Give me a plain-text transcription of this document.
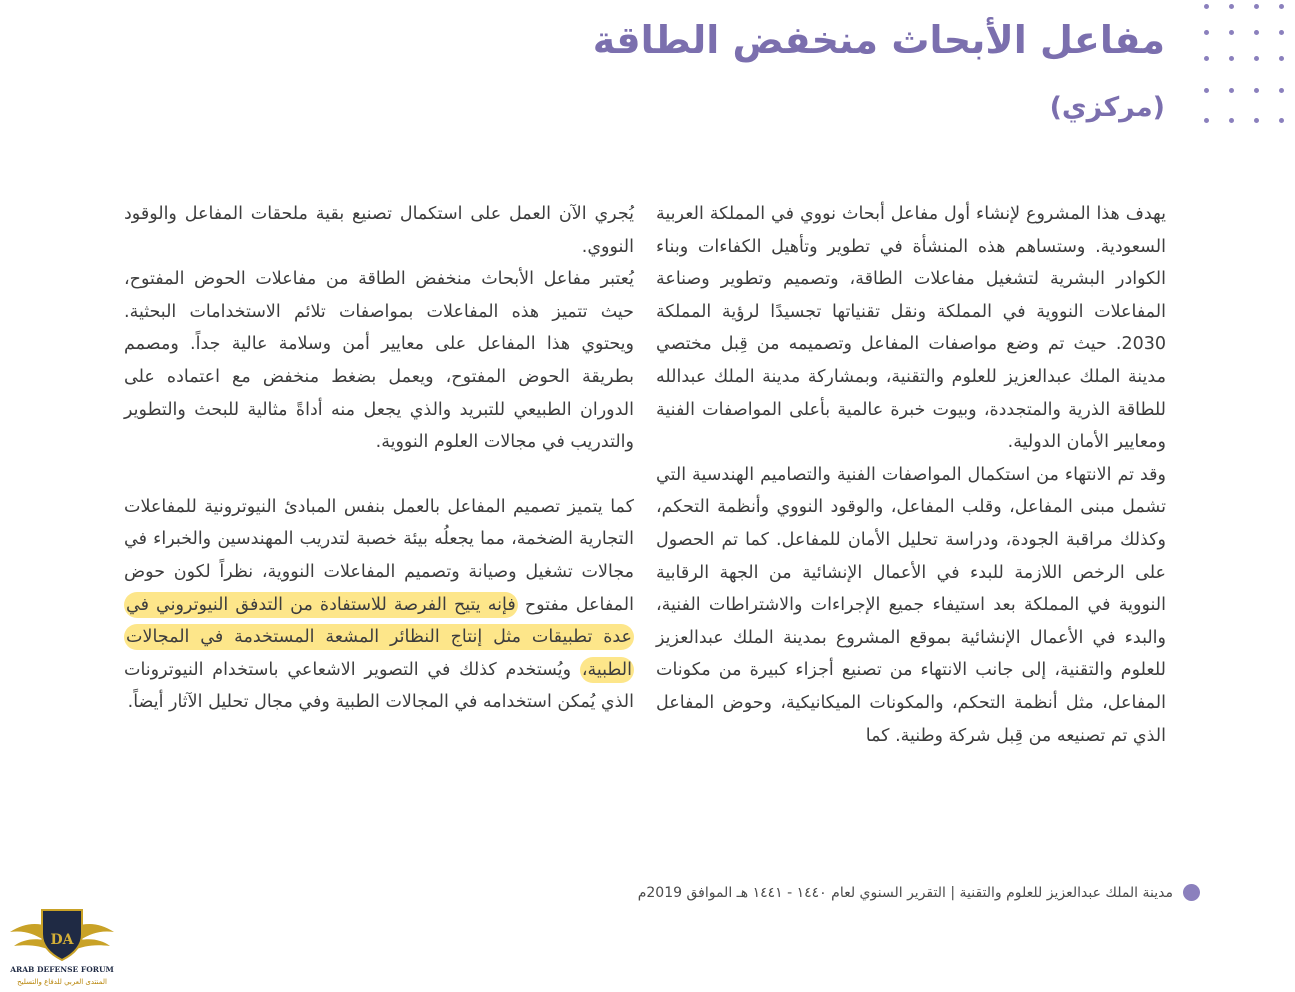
مفاعل الأبحاث منخفض الطاقة
(مركزي)

يهدف هذا المشروع لإنشاء أول مفاعل أبحاث نووي في المملكة العربية السعودية. وستساهم هذه المنشأة في تطوير وتأهيل الكفاءات وبناء الكوادر البشرية لتشغيل مفاعلات الطاقة، وتصميم وتطوير وصناعة المفاعلات النووية في المملكة ونقل تقنياتها تجسيدًا لرؤية المملكة 2030. حيث تم وضع مواصفات المفاعل وتصميمه من قِبل مختصي مدينة الملك عبدالعزيز للعلوم والتقنية، وبمشاركة مدينة الملك عبدالله للطاقة الذرية والمتجددة، وبيوت خبرة عالمية بأعلى المواصفات الفنية ومعايير الأمان الدولية.

وقد تم الانتهاء من استكمال المواصفات الفنية والتصاميم الهندسية التي تشمل مبنى المفاعل، وقلب المفاعل، والوقود النووي وأنظمة التحكم، وكذلك مراقبة الجودة، ودراسة تحليل الأمان للمفاعل. كما تم الحصول على الرخص اللازمة للبدء في الأعمال الإنشائية من الجهة الرقابية النووية في المملكة بعد استيفاء جميع الإجراءات والاشتراطات الفنية، والبدء في الأعمال الإنشائية بموقع المشروع بمدينة الملك عبدالعزيز للعلوم والتقنية، إلى جانب الانتهاء من تصنيع أجزاء كبيرة من مكونات المفاعل، مثل أنظمة التحكم، والمكونات الميكانيكية، وحوض المفاعل الذي تم تصنيعه من قِبل شركة وطنية. كما

يُجري الآن العمل على استكمال تصنيع بقية ملحقات المفاعل والوقود النووي.

يُعتبر مفاعل الأبحاث منخفض الطاقة من مفاعلات الحوض المفتوح، حيث تتميز هذه المفاعلات بمواصفات تلائم الاستخدامات البحثية. ويحتوي هذا المفاعل على معايير أمن وسلامة عالية جداً. ومصمم بطريقة الحوض المفتوح، ويعمل بضغط منخفض مع اعتماده على الدوران الطبيعي للتبريد والذي يجعل منه أداةً مثالية للبحث والتطوير والتدريب في مجالات العلوم النووية.

كما يتميز تصميم المفاعل بالعمل بنفس المبادئ النيوترونية للمفاعلات التجارية الضخمة، مما يجعلُه بيئة خصبة لتدريب المهندسين والخبراء في مجالات تشغيل وصيانة وتصميم المفاعلات النووية، نظراً لكون حوض المفاعل مفتوح فإنه يتيح الفرصة للاستفادة من التدفق النيوتروني في عدة تطبيقات مثل إنتاج النظائر المشعة المستخدمة في المجالات الطبية، ويُستخدم كذلك في التصوير الاشعاعي باستخدام النيوترونات الذي يُمكن استخدامه في المجالات الطبية وفي مجال تحليل الآثار أيضاً.

مدينة الملك عبدالعزيز للعلوم والتقنية | التقرير السنوي لعام ١٤٤٠ - ١٤٤١ هـ الموافق 2019م
DA
ARAB DEFENSE FORUM
المنتدى العربي للدفاع والتسليح
